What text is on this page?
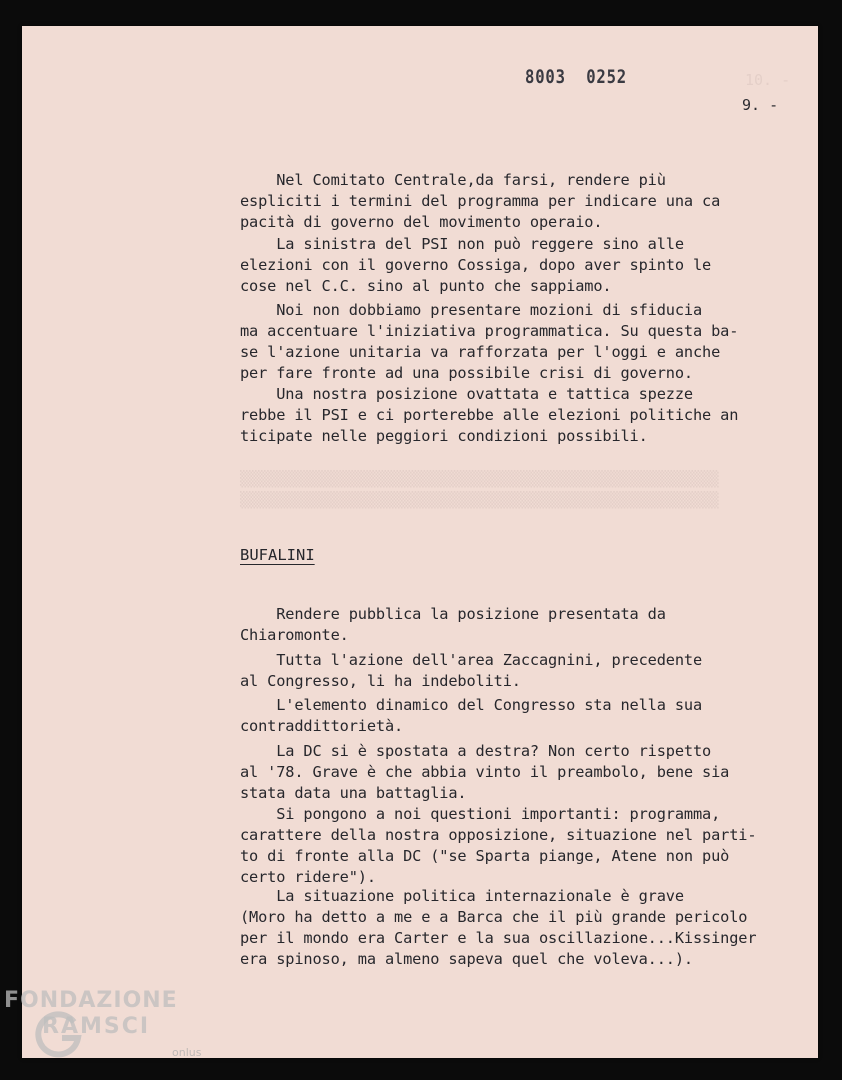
8003  0252
9. -
Nel Comitato Centrale,da farsi, rendere più
espliciti i termini del programma per indicare una ca
pacità di governo del movimento operaio.
La sinistra del PSI non può reggere sino alle
elezioni con il governo Cossiga, dopo aver spinto le
cose nel C.C. sino al punto che sappiamo.
Noi non dobbiamo presentare mozioni di sfiducia
ma accentuare l'iniziativa programmatica. Su questa ba-
se l'azione unitaria va rafforzata per l'oggi e anche
per fare fronte ad una possibile crisi di governo.
Una nostra posizione ovattata e tattica spezze
rebbe il PSI e ci porterebbe alle elezioni politiche an
ticipate nelle peggiori condizioni possibili.
BUFALINI
Rendere pubblica la posizione presentata da
Chiaromonte.
Tutta l'azione dell'area Zaccagnini, precedente
al Congresso, li ha indeboliti.
L'elemento dinamico del Congresso sta nella sua
contraddittorietà.
La DC si è spostata a destra? Non certo rispetto
al '78. Grave è che abbia vinto il preambolo, bene sia
stata data una battaglia.
Si pongono a noi questioni importanti: programma,
carattere della nostra opposizione, situazione nel parti-
to di fronte alla DC ("se Sparta piange, Atene non può
certo ridere").
La situazione politica internazionale è grave
(Moro ha detto a me e a Barca che il più grande pericolo
per il mondo era Carter e la sua oscillazione...Kissinger
era spinoso, ma almeno sapeva quel che voleva...).
FONDAZIONE
RAMSCI
onlus
